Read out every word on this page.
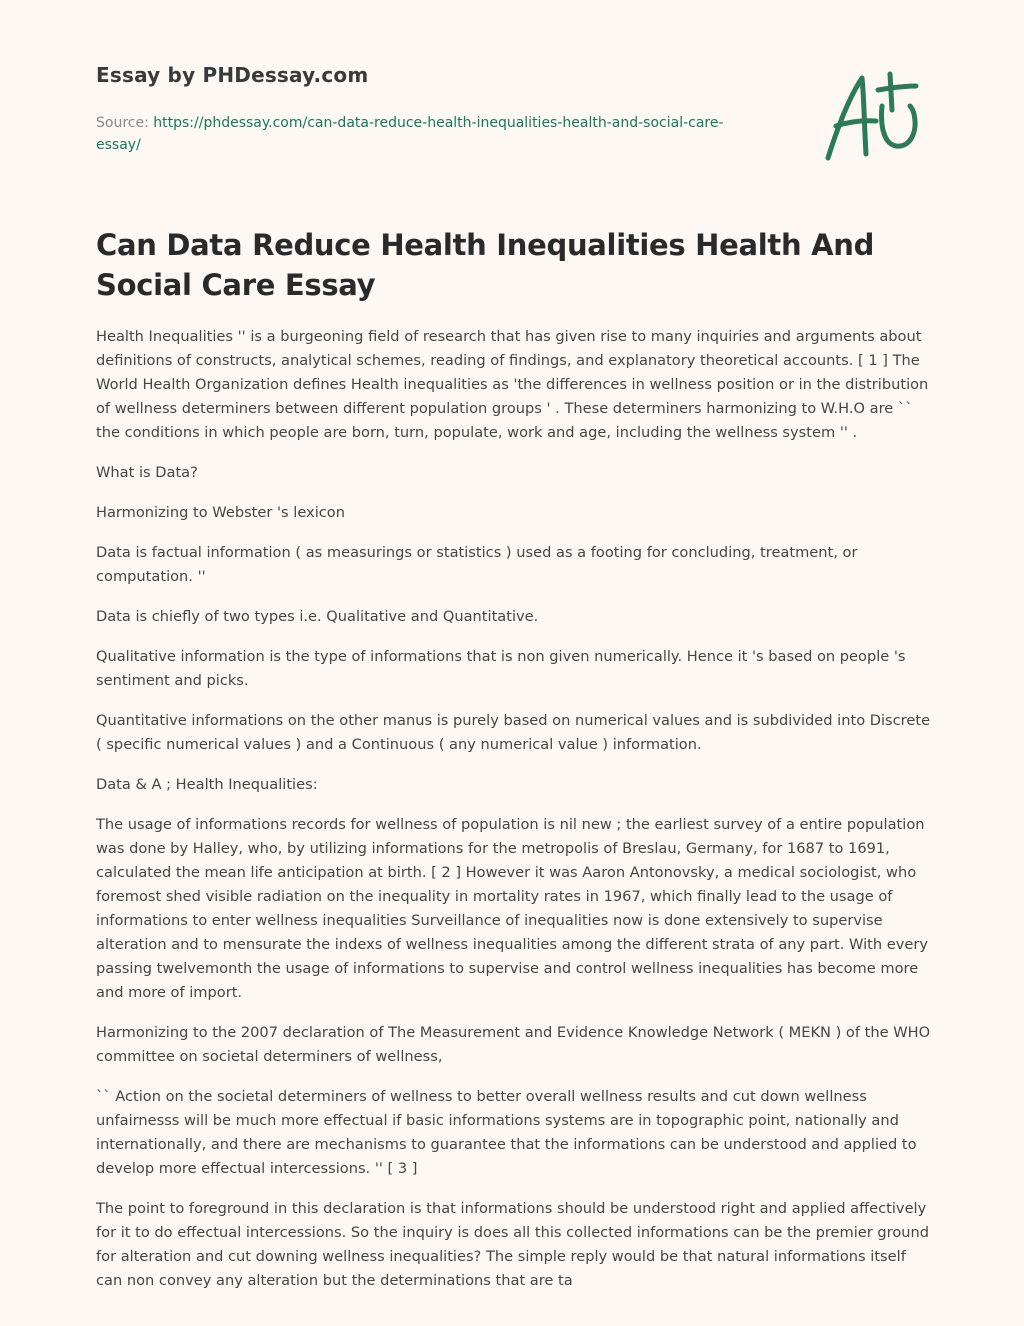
Essay by PHDessay.com
Source: https://phdessay.com/can-data-reduce-health-inequalities-health-and-social-care-essay/
Can Data Reduce Health Inequalities Health And Social Care Essay

Health Inequalities '' is a burgeoning field of research that has given rise to many inquiries and arguments about definitions of constructs, analytical schemes, reading of findings, and explanatory theoretical accounts. [ 1 ] The World Health Organization defines Health inequalities as 'the differences in wellness position or in the distribution of wellness determiners between different population groups ' . These determiners harmonizing to W.H.O are `` the conditions in which people are born, turn, populate, work and age, including the wellness system '' .

What is Data?

Harmonizing to Webster 's lexicon

Data is factual information ( as measurings or statistics ) used as a footing for concluding, treatment, or computation. ''

Data is chiefly of two types i.e. Qualitative and Quantitative.

Qualitative information is the type of informations that is non given numerically. Hence it 's based on people 's sentiment and picks.

Quantitative informations on the other manus is purely based on numerical values and is subdivided into Discrete ( specific numerical values ) and a Continuous ( any numerical value ) information.

Data & A ; Health Inequalities:

The usage of informations records for wellness of population is nil new ; the earliest survey of a entire population was done by Halley, who, by utilizing informations for the metropolis of Breslau, Germany, for 1687 to 1691, calculated the mean life anticipation at birth. [ 2 ] However it was Aaron Antonovsky, a medical sociologist, who foremost shed visible radiation on the inequality in mortality rates in 1967, which finally lead to the usage of informations to enter wellness inequalities Surveillance of inequalities now is done extensively to supervise alteration and to mensurate the indexs of wellness inequalities among the different strata of any part. With every passing twelvemonth the usage of informations to supervise and control wellness inequalities has become more and more of import.

Harmonizing to the 2007 declaration of The Measurement and Evidence Knowledge Network ( MEKN ) of the WHO committee on societal determiners of wellness,

`` Action on the societal determiners of wellness to better overall wellness results and cut down wellness unfairnesss will be much more effectual if basic informations systems are in topographic point, nationally and internationally, and there are mechanisms to guarantee that the informations can be understood and applied to develop more effectual intercessions. '' [ 3 ]

The point to foreground in this declaration is that informations should be understood right and applied affectively for it to do effectual intercessions. So the inquiry is does all this collected informations can be the premier ground for alteration and cut downing wellness inequalities? The simple reply would be that natural informations itself can non convey any alteration but the determinations that are ta
